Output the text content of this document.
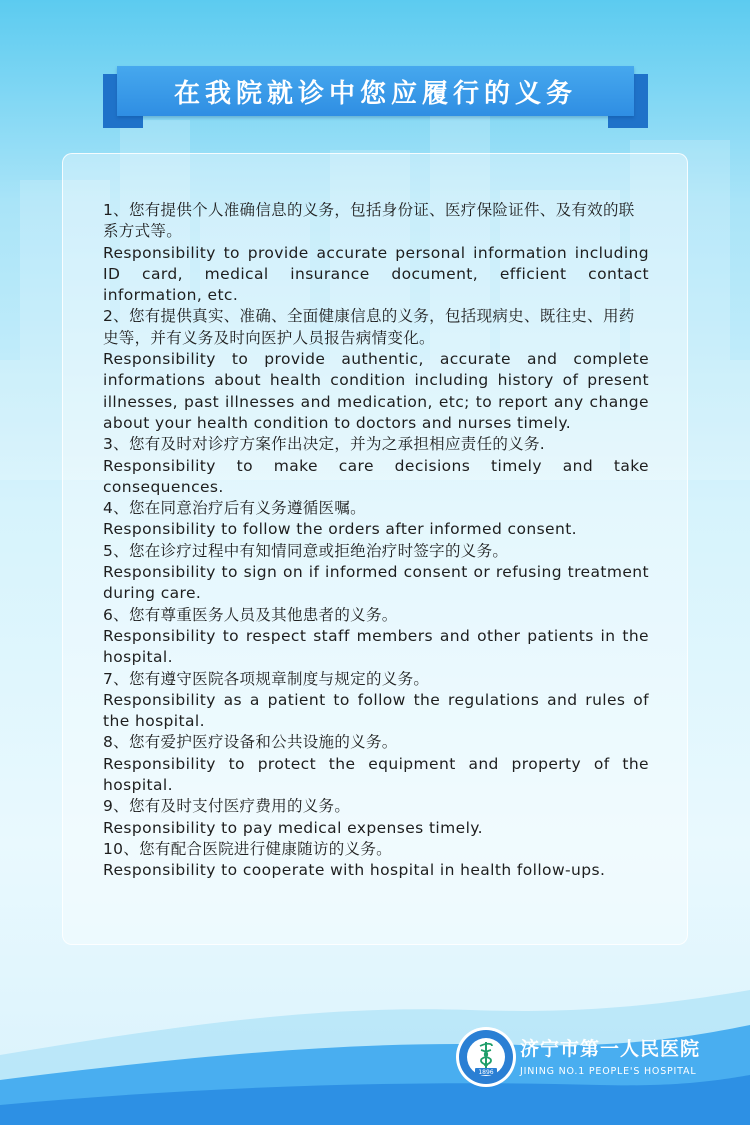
在我院就诊中您应履行的义务

1、您有提供个人准确信息的义务，包括身份证、医疗保险证件、及有效的联系方式等。

Responsibility to provide accurate personal information including ID card, medical insurance document, efficient contact information, etc.

2、您有提供真实、准确、全面健康信息的义务，包括现病史、既往史、用药史等，并有义务及时向医护人员报告病情变化。

Responsibility to provide authentic, accurate and complete informations about health condition including history of present illnesses, past illnesses and medication, etc; to report any change about your health condition to doctors and nurses timely.

3、您有及时对诊疗方案作出决定，并为之承担相应责任的义务.

Responsibility to make care decisions timely and take consequences.

4、您在同意治疗后有义务遵循医嘱。

Responsibility to follow the orders after informed consent.

5、您在诊疗过程中有知情同意或拒绝治疗时签字的义务。

Responsibility to sign on if informed consent or refusing treatment during care.

6、您有尊重医务人员及其他患者的义务。

Responsibility to respect staff members and other patients in the hospital.

7、您有遵守医院各项规章制度与规定的义务。

Responsibility as a patient to follow the regulations and rules of the hospital.

8、您有爱护医疗设备和公共设施的义务。

Responsibility to protect the equipment and property of the hospital.

9、您有及时支付医疗费用的义务。

Responsibility to pay medical expenses timely.

10、您有配合医院进行健康随访的义务。

Responsibility to cooperate with hospital in health follow-ups.

1896
济宁市第一人民医院
JINING NO.1 PEOPLE'S HOSPITAL
